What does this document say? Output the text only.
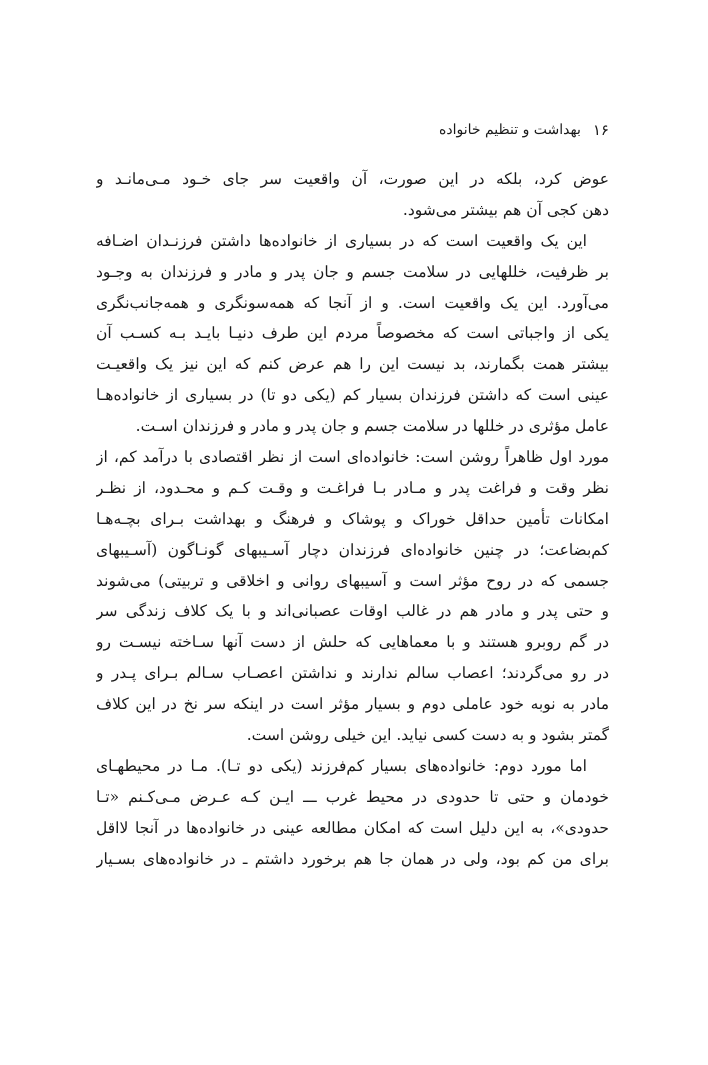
۱۶
بهداشت و تنظیم خانواده
عوض کرد، بلکه در این صورت، آن واقعیت سر جای خـود مـی‌مانـد و
دهن کجی آن هم بیشتر می‌شود.
این یک واقعیت است که در بسیاری از خانواده‌ها داشتن فرزنـدان اضـافه
بر ظرفیت، خللهایی در سلامت جسم و جان پدر و مادر و فرزندان به وجـود
می‌آورد. این یک واقعیت است. و از آنجا که همه‌سونگری و همه‌جانب‌نگری
یکی از واجباتی است که مخصوصاً مردم این طرف دنیـا بایـد بـه کسـب آن
بیشتر همت بگمارند، بد نیست این را هم عرض کنم که این نیز یک واقعیـت
عینی است که داشتن فرزندان بسیار کم (یکی دو تا) در بسیاری از خانواده‌هـا
عامل مؤثری در خللها در سلامت جسم و جان پدر و مادر و فرزندان اسـت.
مورد اول ظاهراً روشن است: خانواده‌ای است از نظر اقتصادی با درآمد کم، از
نظر وقت و فراغت پدر و مـادر بـا فراغـت و وقـت کـم و محـدود، از نظـر
امکانات تأمین حداقل خوراک و پوشاک و فرهنگ و بهداشت بـرای بچـه‌هـا
کم‌بضاعت؛ در چنین خانواده‌ای فرزندان دچار آسـیبهای گونـاگون (آسـیبهای
جسمی که در روح مؤثر است و آسیبهای روانی و اخلاقی و تربیتی) می‌شوند
و حتی پدر و مادر هم در غالب اوقات عصبانی‌اند و با یک کلاف زندگی سر
در گم روبرو هستند و با معماهایی که حلش از دست آنها سـاخته نیسـت رو
در رو می‌گردند؛ اعصاب سالم ندارند و نداشتن اعصـاب سـالم بـرای پـدر و
مادر به نوبه خود عاملی دوم و بسیار مؤثر است در اینکه سر نخ در این کلاف
گمتر بشود و به دست کسی نیاید. این خیلی روشن است.
اما مورد دوم: خانواده‌های بسیار کم‌فرزند (یکی دو تـا). مـا در محیطهـای
خودمان و حتی تا حدودی در محیط غرب ـــ ایـن کـه عـرض مـی‌کـنم «تـا
حدودی»، به این دلیل است که امکان مطالعه عینی در خانواده‌ها در آنجا لااقل
برای من کم بود، ولی در همان جا هم برخورد داشتم ـ در خانواده‌های بسـیار
